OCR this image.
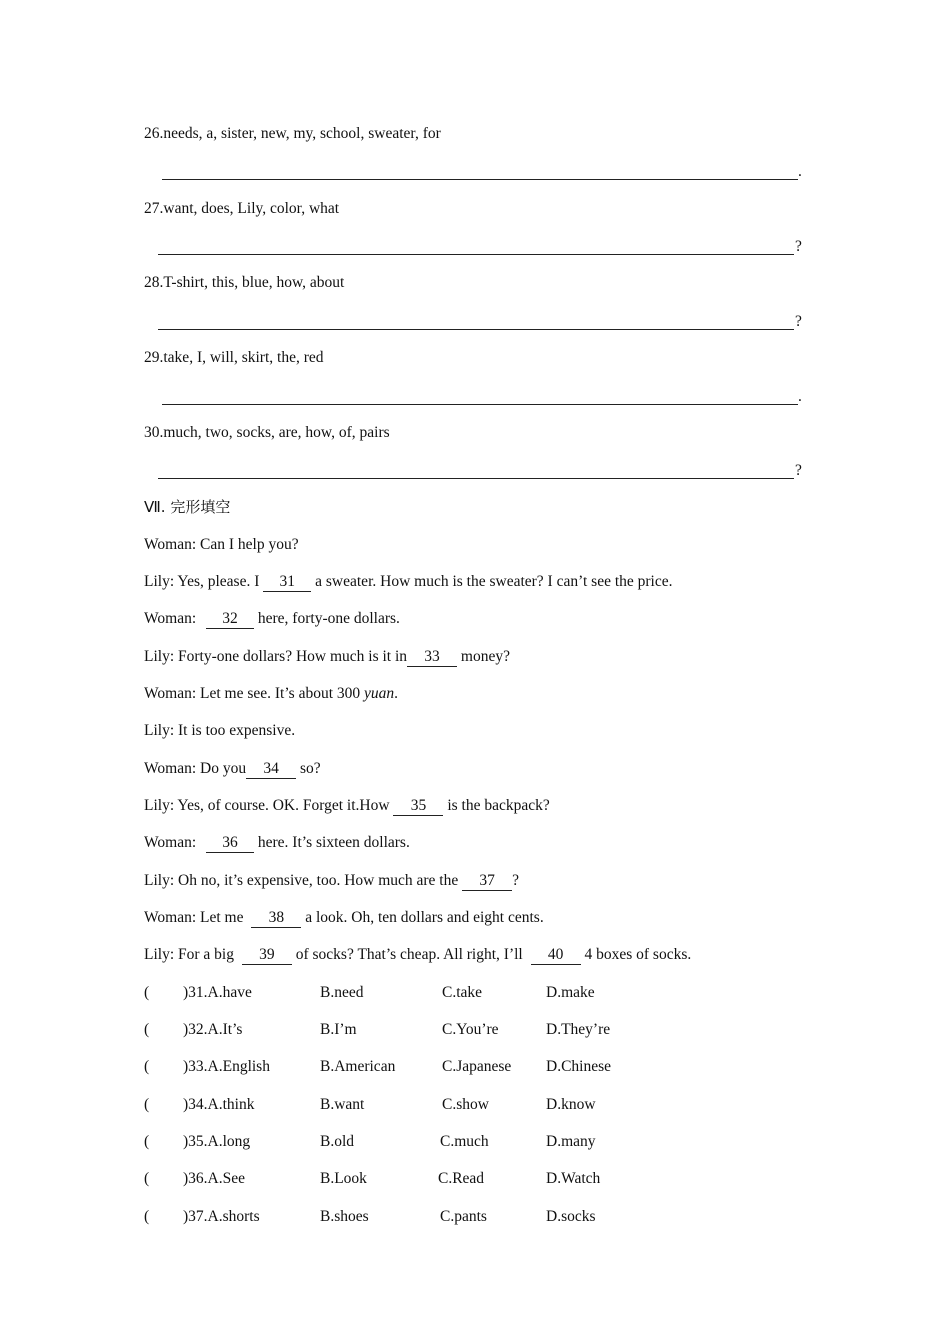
26.needs, a, sister, new, my, school, sweater, for
.
27.want, does, Lily, color, what
?
28.T-shirt, this, blue, how, about
?
29.take, I, will, skirt, the, red
.
30.much, two, socks, are, how, of, pairs
?
Ⅶ. 完形填空
Woman: Can I help you?
Lily: Yes, please. I 31 a sweater. How much is the sweater? I can’t see the price.
Woman: 32 here, forty-one dollars.
Lily: Forty-one dollars? How much is it in 33 money?
Woman: Let me see. It’s about 300 yuan.
Lily: It is too expensive.
Woman: Do you 34 so?
Lily: Yes, of course. OK. Forget it.How 35 is the backpack?
Woman: 36 here. It’s sixteen dollars.
Lily: Oh no, it’s expensive, too. How much are the 37 ?
Woman: Let me 38 a look. Oh, ten dollars and eight cents.
Lily: For a big 39 of socks? That’s cheap. All right, I’ll 40 4 boxes of socks.
( )31.A.have	B.need	C.take	D.make
( )32.A.It’s	B.I’m	C.You’re	D.They’re
( )33.A.English	B.American	C.Japanese D.Chinese
( )34.A.think	B.want	C.show	D.know
( )35.A.long	B.old	C.much	D.many
( )36.A.See	B.Look	C.Read	D.Watch
( )37.A.shorts	B.shoes	C.pants	D.socks
